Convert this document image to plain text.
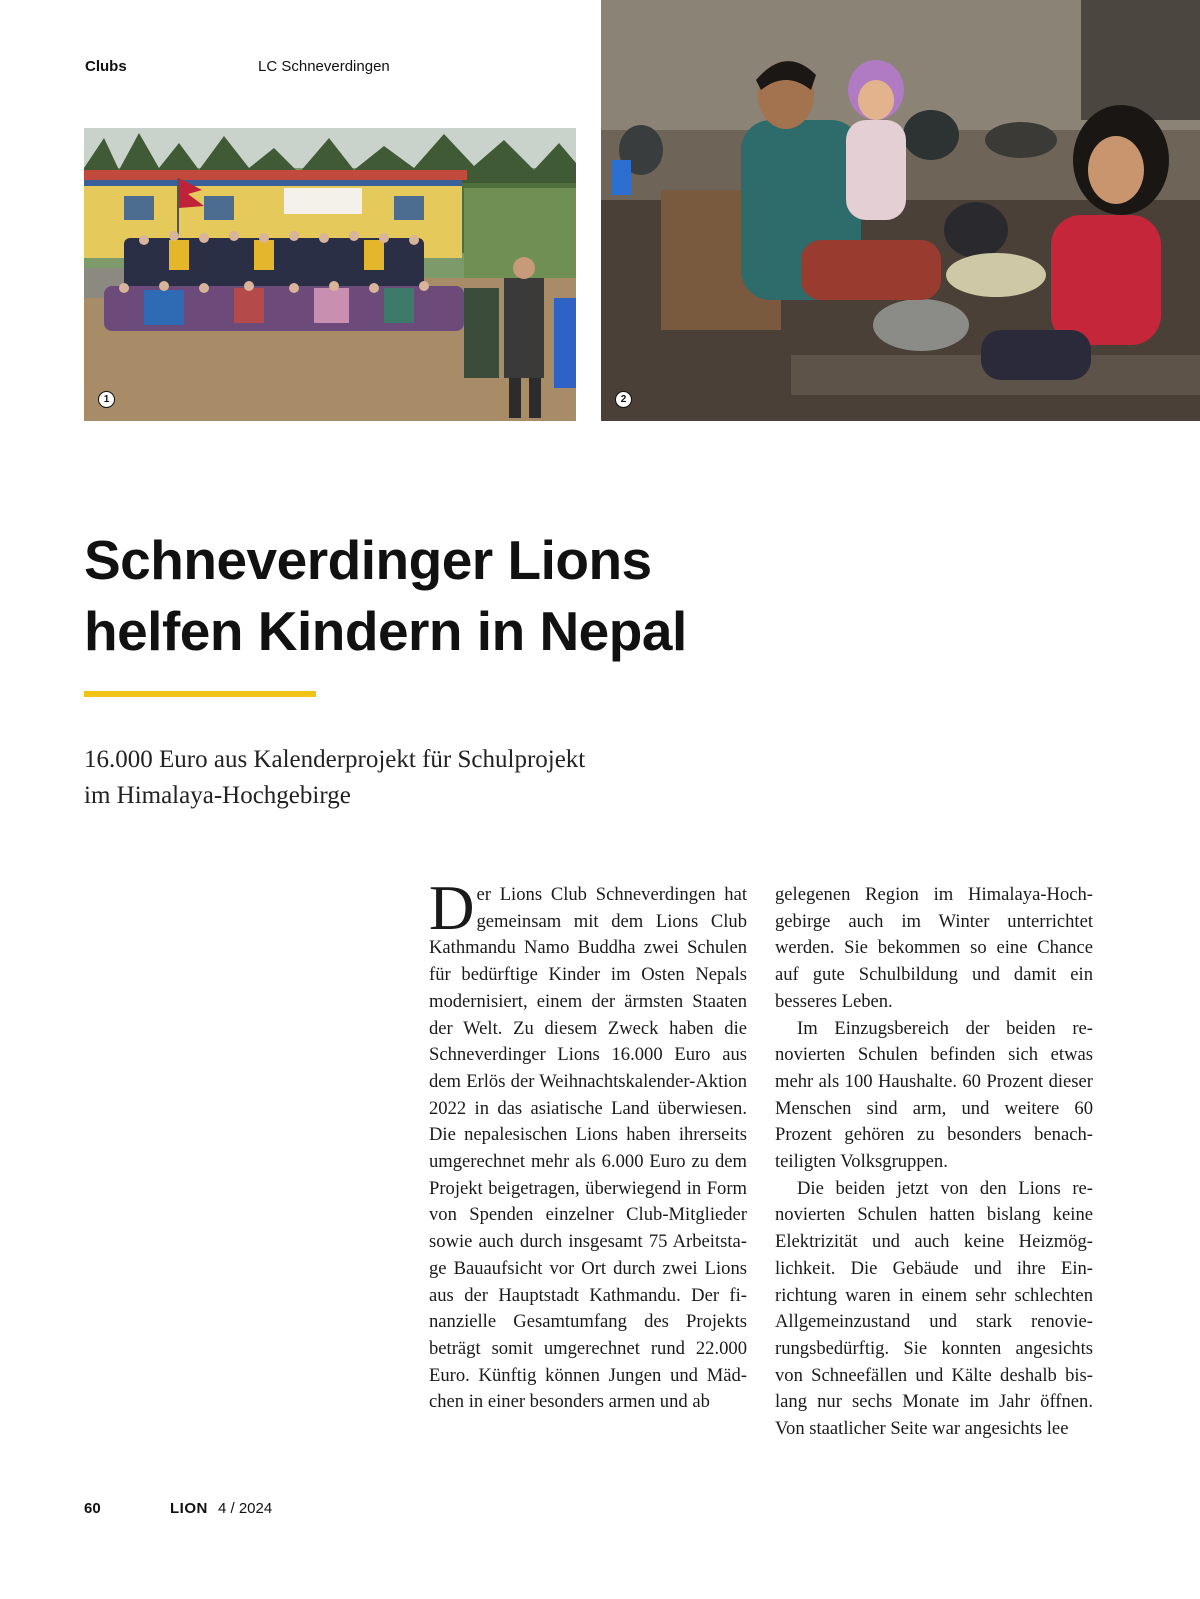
Clubs	LC Schneverdingen
1	2
Schneverdinger Lions
helfen Kindern in Nepal
16.000 Euro aus Kalenderprojekt für Schulprojekt
im Himalaya-Hochgebirge

Der Lions Club Schneverdingen hat gemeinsam mit dem Lions Club Kathmandu Namo Buddha zwei Schulen für bedürftige Kinder im Osten Nepals modernisiert, einem der ärmsten Staaten der Welt. Zu diesem Zweck haben die Schneverdinger Lions 16.000 Euro aus dem Erlös der Weihnachtskalender-Aktion 2022 in das asiatische Land überwiesen. Die nepalesischen Lions haben ihrerseits umgerechnet mehr als 6.000 Euro zu dem Projekt beigetragen, überwiegend in Form von Spenden einzelner Club-Mitglieder sowie auch durch insgesamt 75 Arbeitstage Bauaufsicht vor Ort durch zwei Lions aus der Hauptstadt Kathmandu. Der finanzielle Gesamtumfang des Projekts beträgt somit umgerechnet rund 22.000 Euro. Künftig können Jungen und Mädchen in einer besonders armen und ab

gelegenen Region im Himalaya-Hochgebirge auch im Winter unterrichtet werden. Sie bekommen so eine Chance auf gute Schulbildung und damit ein besseres Leben.

Im Einzugsbereich der beiden renovierten Schulen befinden sich etwas mehr als 100 Haushalte. 60 Prozent dieser Menschen sind arm, und weitere 60 Prozent gehören zu besonders benachteiligten Volksgruppen.

Die beiden jetzt von den Lions renovierten Schulen hatten bislang keine Elektrizität und auch keine Heizmöglichkeit. Die Gebäude und ihre Einrichtung waren in einem sehr schlechten Allgemeinzustand und stark renovierungsbedürftig. Sie konnten angesichts von Schneefällen und Kälte deshalb bislang nur sechs Monate im Jahr öffnen. Von staatlicher Seite war angesichts lee

60	LION 4 / 2024
